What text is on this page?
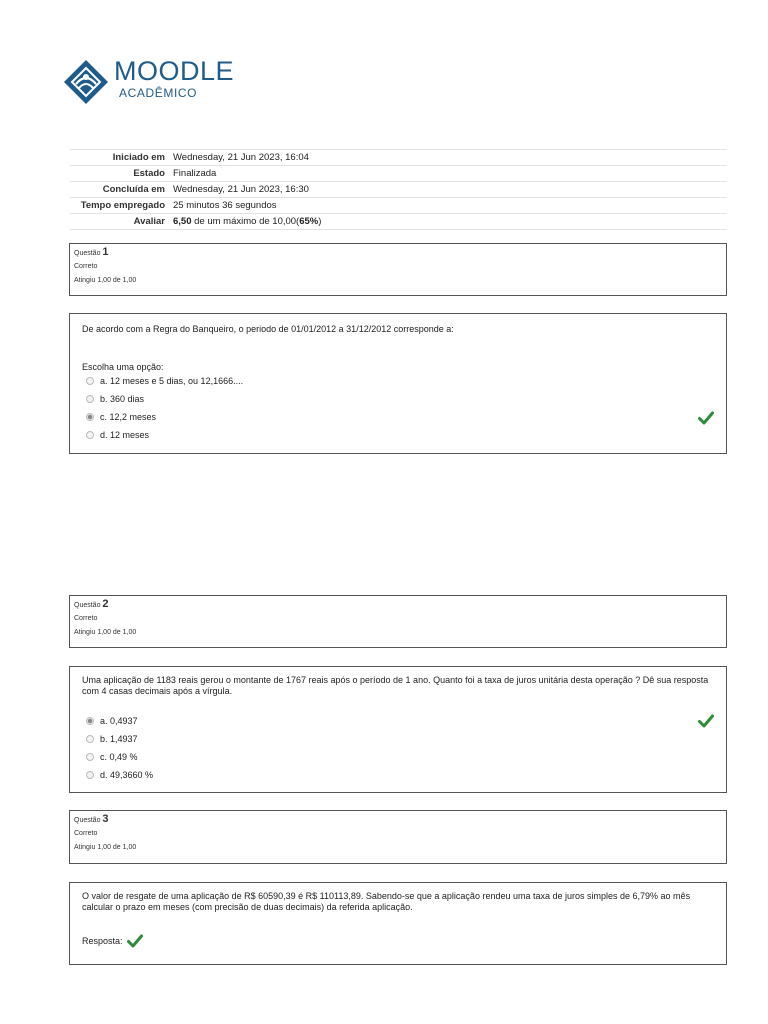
MOODLE
ACADÊMICO
Iniciado em	Wednesday, 21 Jun 2023, 16:04
Estado	Finalizada
Concluída em	Wednesday, 21 Jun 2023, 16:30
Tempo empregado	25 minutos 36 segundos
Avaliar	6,50 de um máximo de 10,00(65%)
Questão 1
Correto
Atingiu 1,00 de 1,00
De acordo com a Regra do Banqueiro, o periodo de 01/01/2012 a 31/12/2012 corresponde a:
Escolha uma opção:
a. 12 meses e 5 dias, ou 12,1666....
b. 360 dias
c. 12,2 meses
d. 12 meses
Questão 2
Correto
Atingiu 1,00 de 1,00
Uma aplicação de 1183 reais gerou o montante de 1767 reais após o período de 1 ano. Quanto foi a taxa de juros unitária desta operação ? Dê sua resposta com 4 casas decimais após a vírgula.
a. 0,4937
b. 1,4937
c. 0,49 %
d. 49,3660 %
Questão 3
Correto
Atingiu 1,00 de 1,00
O valor de resgate de uma aplicação de R$ 60590,39 é R$ 110113,89. Sabendo-se que a aplicação rendeu uma taxa de juros simples de 6,79% ao mês calcular o prazo em meses (com precisão de duas decimais) da referida aplicação.
Resposta:
